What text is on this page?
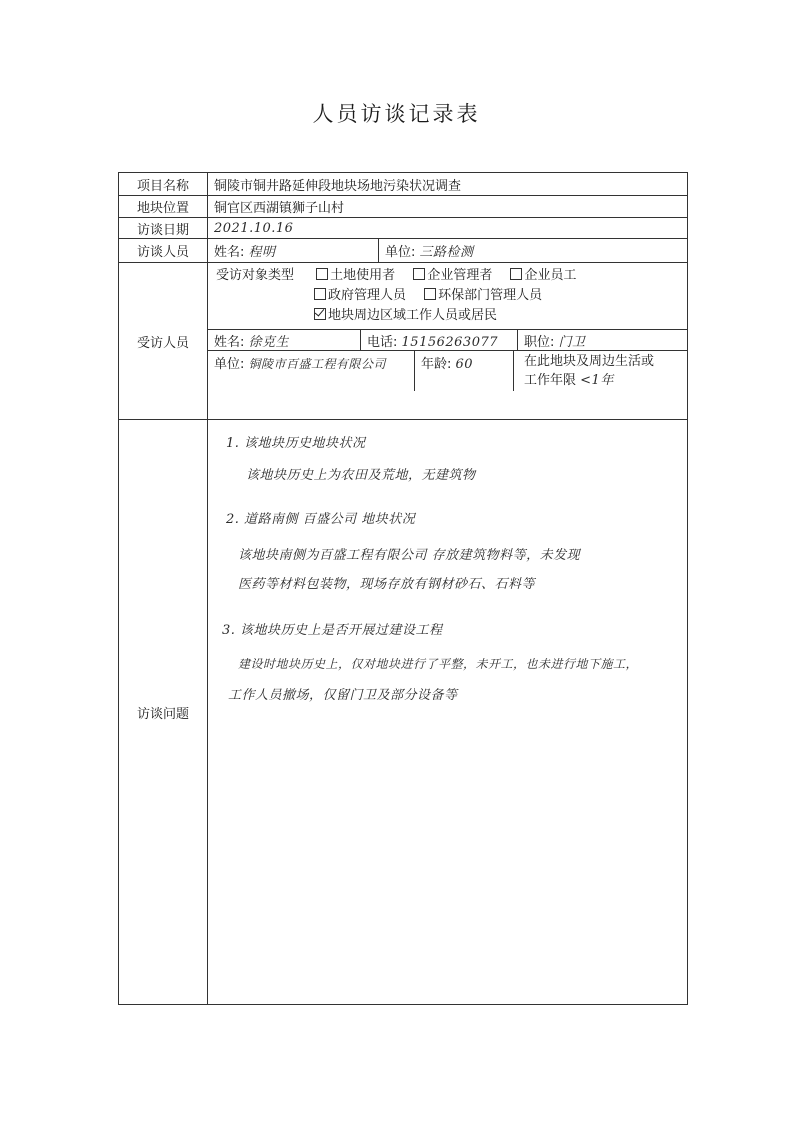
人员访谈记录表
项目名称	铜陵市铜井路延伸段地块场地污染状况调查
地块位置	铜官区西湖镇狮子山村
访谈日期	2021.10.16
访谈人员	姓名: 程明	单位: 三路检测

受访人员	
受访对象类型	土地使用者 企业管理者 企业员工
政府管理人员 环保部门管理人员
地块周边区域工作人员或居民
姓名: 徐克生	电话: 15156263077	职位: 门卫
单位: 铜陵市百盛工程有限公司	年龄: 60	在此地块及周边生活或
工作年限 <1年

访谈问题	
1. 该地块历史地块状况
该地块历史上为农田及荒地，无建筑物
2. 道路南侧 百盛公司 地块状况
该地块南侧为百盛工程有限公司 存放建筑物料等，未发现
医药等材料包装物，现场存放有钢材砂石、石料等
3. 该地块历史上是否开展过建设工程
建设时地块历史上，仅对地块进行了平整，未开工，也未进行地下施工，
工作人员撤场，仅留门卫及部分设备等
